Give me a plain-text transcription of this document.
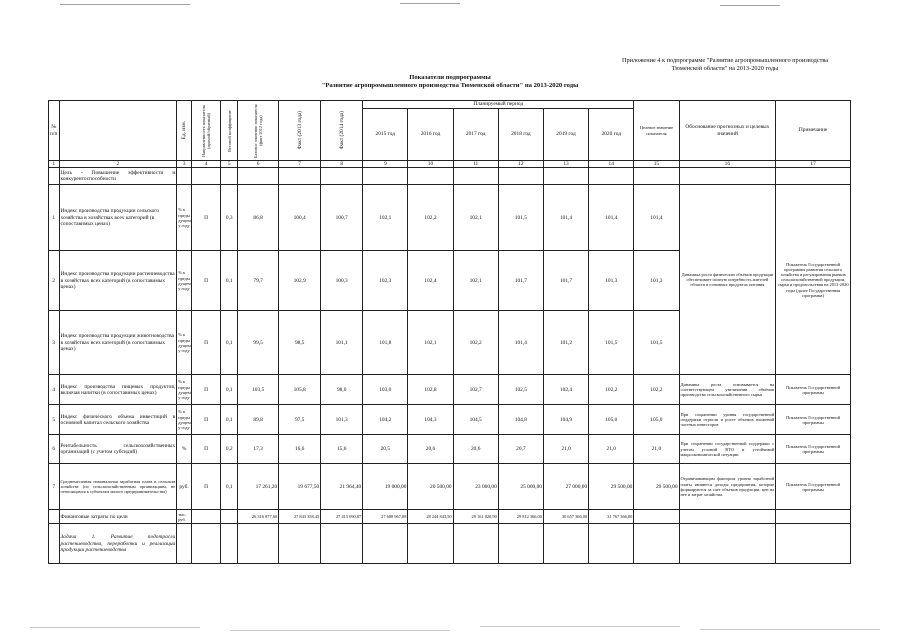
Приложение 4 к подпрограмме "Развитие агропромышленного производства
Тюменской области" на 2013-2020 годы
Показатели подпрограммы
"Развитие агропромышленного производства Тюменской области" на 2013-2020 годы
№ п/п		Ед. изм.	Направленность показателя (прямой/обратный)	Весовой коэффициент	Базовое значение показателя (факт 2012 года)	Факт (2013 года)	Факт (2014 года)	Планируемый период						Целевое значение показателя	Обоснование прогнозных и целевых значений	Примечание
								2015 год	2016 год	2017 год	2018 год	2019 год	2020 год			
1	2	3	4	5	6	7	8	9	10	11	12	13	14	15	16	17
	Цель - Повышение эффективности и конкурентоспособности															
1	Индекс производства продукции сельского хозяйства в хозяйствах всех категорий (в сопоставимых ценах)	% к преды дущем у году	П	0,3	86,8	100,4	100,7	102,1	102,2	102,1	101,5	101,4	101,4	101,4	Динамика роста физических объёмов продукции обеспечивает полную потребность жителей области в основных продуктах питания	Показатель Государственной программы развития сельского хозяйства и регулирования рынков сельскохозяйственной продукции, сырья и продовольствия на 2013-2020 годы (далее Государственная программа)
2	Индекс производства продукции растениеводства в хозяйствах всех категорий (в сопоставимых ценах)	% к преды дущем у году	П	0,1	79,7	102,9	100,3	102,3	102,4	102,1	101,7	101,7	101,3	101,3		
3	Индекс производства продукции животноводства в хозяйствах всех категорий (в сопоставимых ценах)	% к преды дущем у году	П	0,1	99,5	98,5	101,1	101,8	102,1	102,2	101,4	101,2	101,5	101,5		
4	Индекс производства пищевых продуктов, включая напитки (в сопоставимых ценах)	% к преды дущем у году	П	0,1	103,5	105,8	98,0	103,0	102,8	102,7	102,5	102,4	102,2	102,2	Динамика роста основывается на соответствующем увеличении объёмов производства сельскохозяйственного сырья	Показатель Государственной программы
5	Индекс физического объема инвестиций в основной капитал сельского хозяйства	% к преды дущем у году	П	0,1	89,8	97,5	101,3	104,2	104,3	104,5	104,8	104,9	105,0	105,0	При сохранении уровня государственной поддержки отрасли и росте объемов вложений частных инвесторов	Показатель Государственной программы
6	Рентабельность сельскохозяйственных организаций (с учетом субсидий)	%	П	0,2	17,3	16,6	15,6	20,5	20,6	20,6	20,7	21,0	21,0	21,0	При сохранении государственной поддержки с учетом условий ВТО и устойчивой макроэкономической ситуации	Показатель Государственной программы
7	Среднемесячная номинальная заработная плата в сельском хозяйстве (по сельскохозяйственным организациям, не относящимся к субъектам малого предпринимательства)	руб.	П	0,1	17 261,20	19 677,50	21 964,40	19 000,00	20 500,00	23 000,00	25 000,00	27 000,00	29 500,00	29 500,00	Ограничивающим фактором уровня заработной платы являются доходы предприятия, которые формируются за счет объемов продукции, цен на нее и затрат хозяйства.	Показатель Государственной программы
	Финансовые затраты по цели	тыс. руб.			26 316 877,60	27 843 358,45	27 415 090,87	27 680 967,08	28 244 843,50	29 161 020,90	29 812 366,00	30 657 366,00	31 767 366,00			
	Задача 1. Развитие подотрасли растениеводства, переработки и реализации продукции растениеводства															
